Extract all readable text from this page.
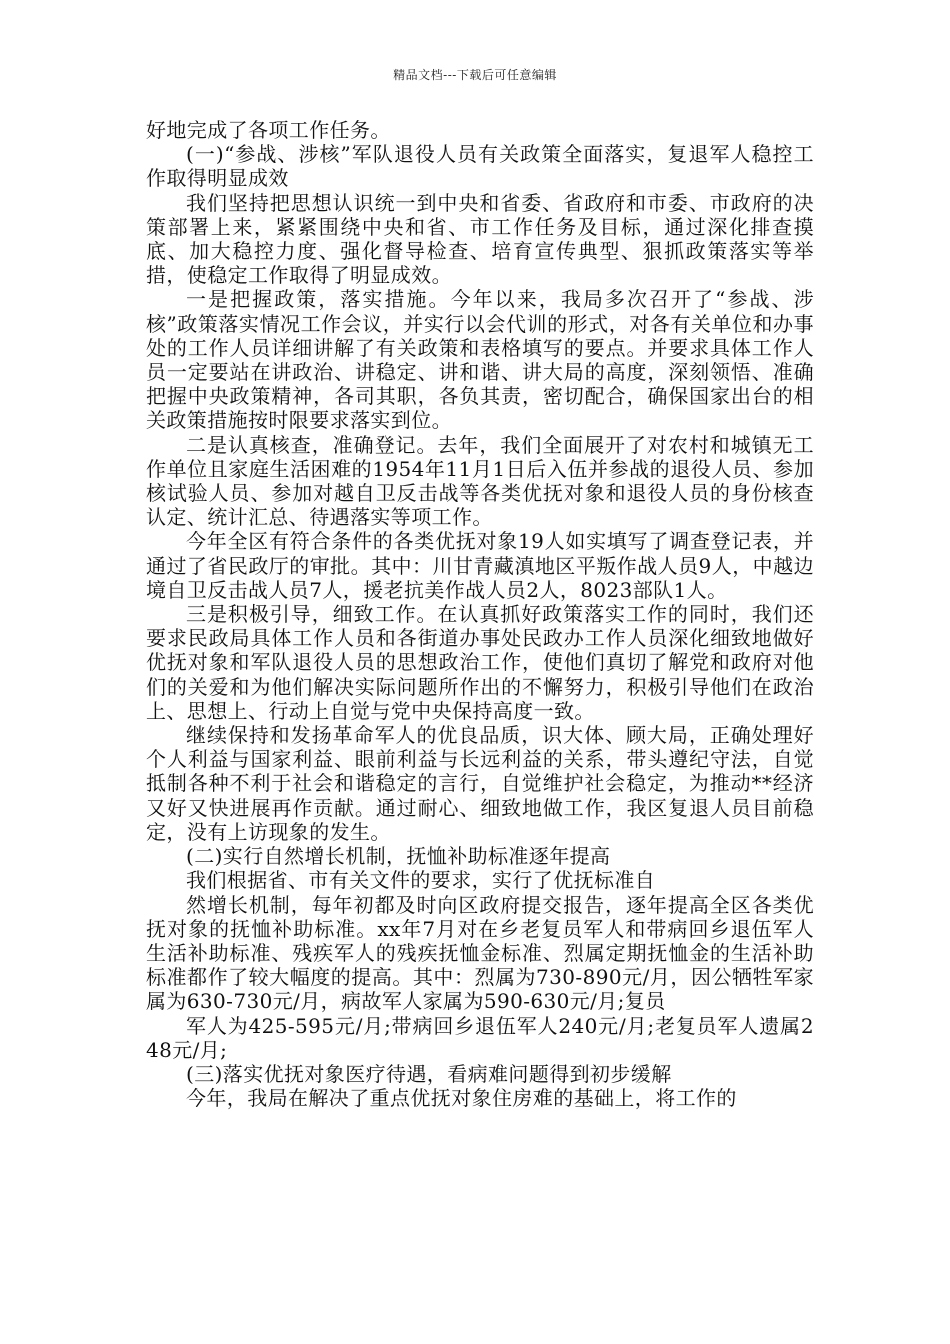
精品文档---下载后可任意编辑

好地完成了各项工作任务。

(一)“参战、涉核”军队退役人员有关政策全面落实，复退军人稳控工作取得明显成效

我们坚持把思想认识统一到中央和省委、省政府和市委、市政府的决策部署上来，紧紧围绕中央和省、市工作任务及目标，通过深化排查摸底、加大稳控力度、强化督导检查、培育宣传典型、狠抓政策落实等举措，使稳定工作取得了明显成效。

一是把握政策，落实措施。今年以来，我局多次召开了“参战、涉核”政策落实情况工作会议，并实行以会代训的形式，对各有关单位和办事处的工作人员详细讲解了有关政策和表格填写的要点。并要求具体工作人员一定要站在讲政治、讲稳定、讲和谐、讲大局的高度，深刻领悟、准确把握中央政策精神，各司其职，各负其责，密切配合，确保国家出台的相关政策措施按时限要求落实到位。

二是认真核查，准确登记。去年，我们全面展开了对农村和城镇无工作单位且家庭生活困难的1954年11月1日后入伍并参战的退役人员、参加核试验人员、参加对越自卫反击战等各类优抚对象和退役人员的身份核查认定、统计汇总、待遇落实等项工作。

今年全区有符合条件的各类优抚对象19人如实填写了调查登记表，并通过了省民政厅的审批。其中：川甘青藏滇地区平叛作战人员9人，中越边境自卫反击战人员7人，援老抗美作战人员2人，8023部队1人。

三是积极引导，细致工作。在认真抓好政策落实工作的同时，我们还要求民政局具体工作人员和各街道办事处民政办工作人员深化细致地做好优抚对象和军队退役人员的思想政治工作，使他们真切了解党和政府对他们的关爱和为他们解决实际问题所作出的不懈努力，积极引导他们在政治上、思想上、行动上自觉与党中央保持高度一致。

继续保持和发扬革命军人的优良品质，识大体、顾大局，正确处理好个人利益与国家利益、眼前利益与长远利益的关系，带头遵纪守法，自觉抵制各种不利于社会和谐稳定的言行，自觉维护社会稳定，为推动**经济又好又快进展再作贡献。通过耐心、细致地做工作，我区复退人员目前稳定，没有上访现象的发生。

(二)实行自然增长机制，抚恤补助标准逐年提高

我们根据省、市有关文件的要求，实行了优抚标准自

然增长机制，每年初都及时向区政府提交报告，逐年提高全区各类优抚对象的抚恤补助标准。xx年7月对在乡老复员军人和带病回乡退伍军人生活补助标准、残疾军人的残疾抚恤金标准、烈属定期抚恤金的生活补助标准都作了较大幅度的提高。其中：烈属为730-890元/月，因公牺牲军家属为630-730元/月，病故军人家属为590-630元/月;复员

军人为425-595元/月;带病回乡退伍军人240元/月;老复员军人遗属248元/月;

(三)落实优抚对象医疗待遇，看病难问题得到初步缓解

今年，我局在解决了重点优抚对象住房难的基础上，将工作的
